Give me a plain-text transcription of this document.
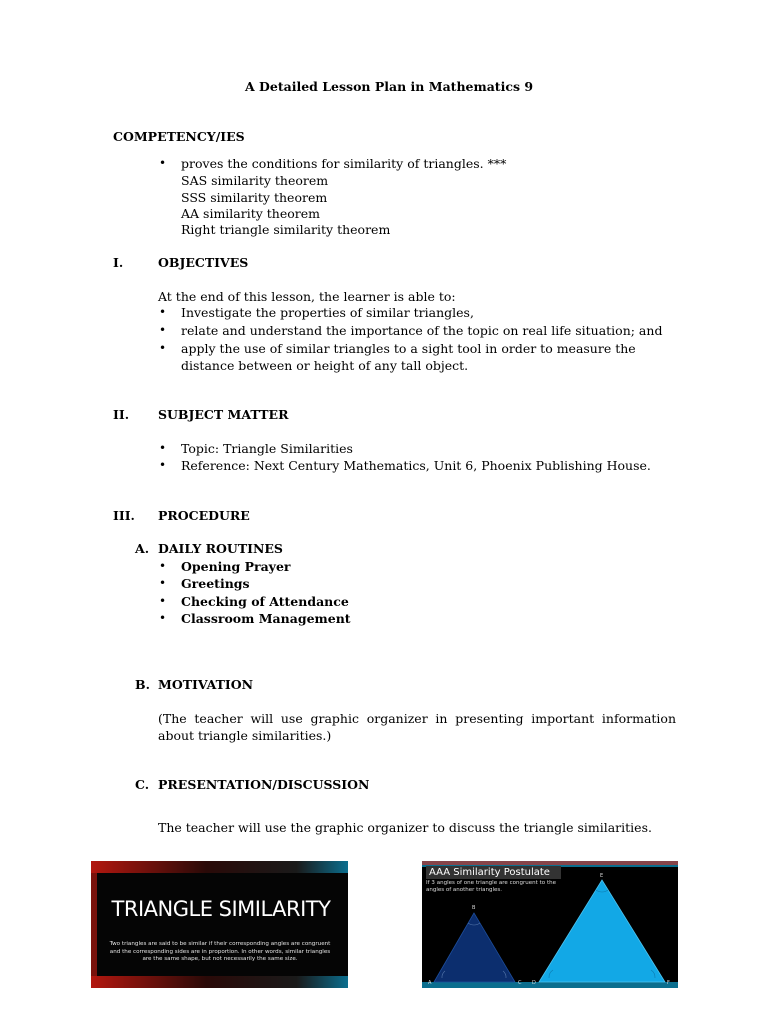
A Detailed Lesson Plan in Mathematics 9
COMPETENCY/IES
• proves the conditions for similarity of triangles. ***
SAS similarity theorem
SSS similarity theorem
AA similarity theorem
Right triangle similarity theorem
I.	OBJECTIVES
At the end of this lesson, the learner is able to:
• Investigate the properties of similar triangles,
• relate and understand the importance of the topic on real life situation; and
• apply the use of similar triangles to a sight tool in order to measure the
distance between or height of any tall object.
II. SUBJECT MATTER
• Topic: Triangle Similarities
• Reference: Next Century Mathematics, Unit 6, Phoenix Publishing House.
III. PROCEDURE
A. DAILY ROUTINES
• Opening Prayer
• Greetings
• Checking of Attendance
• Classroom Management
B. MOTIVATION
(The teacher will use graphic organizer in presenting important information about triangle similarities.)
C. PRESENTATION/DISCUSSION
The teacher will use the graphic organizer to discuss the triangle similarities.
TRIANGLE SIMILARITY
Two triangles are said to be similar if their corresponding angles are congruent and the corresponding sides are in proportion. In other words, similar triangles are the same shape, but not necessarily the same size.
AAA Similarity Postulate
If 3 angles of one triangle are congruent to the angles of another triangles.
B
A	C D
E
F
